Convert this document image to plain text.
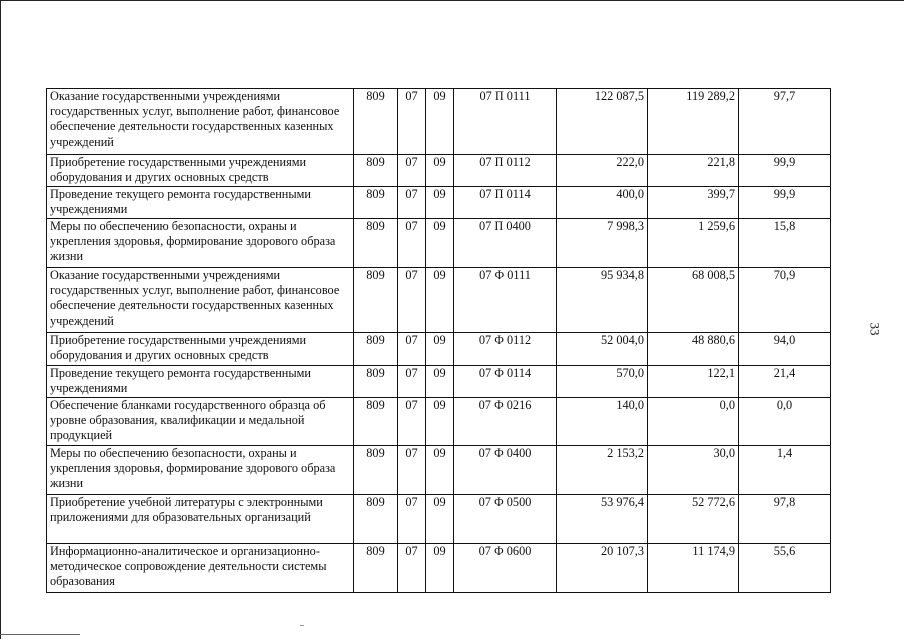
Оказание государственными учреждениями государственных услуг, выполнение работ, финансовое обеспечение деятельности государственных казенных учреждений	809	07	09	07 П 0111	122 087,5	119 289,2	97,7
Приобретение государственными учреждениями оборудования и других основных средств	809	07	09	07 П 0112	222,0	221,8	99,9
Проведение текущего ремонта государственными учреждениями	809	07	09	07 П 0114	400,0	399,7	99,9
Меры по обеспечению безопасности, охраны и укрепления здоровья, формирование здорового образа жизни	809	07	09	07 П 0400	7 998,3	1 259,6	15,8
Оказание государственными учреждениями государственных услуг, выполнение работ, финансовое обеспечение деятельности государственных казенных учреждений	809	07	09	07 Ф 0111	95 934,8	68 008,5	70,9
Приобретение государственными учреждениями оборудования и других основных средств	809	07	09	07 Ф 0112	52 004,0	48 880,6	94,0
Проведение текущего ремонта государственными учреждениями	809	07	09	07 Ф 0114	570,0	122,1	21,4
Обеспечение бланками государственного образца об уровне образования, квалификации и медальной продукцией	809	07	09	07 Ф 0216	140,0	0,0	0,0
Меры по обеспечению безопасности, охраны и укрепления здоровья, формирование здорового образа жизни	809	07	09	07 Ф 0400	2 153,2	30,0	1,4
Приобретение учебной литературы с электронными приложениями для образовательных организаций	809	07	09	07 Ф 0500	53 976,4	52 772,6	97,8
Информационно-аналитическое и организационно-методическое сопровождение деятельности системы образования	809	07	09	07 Ф 0600	20 107,3	11 174,9	55,6
33
